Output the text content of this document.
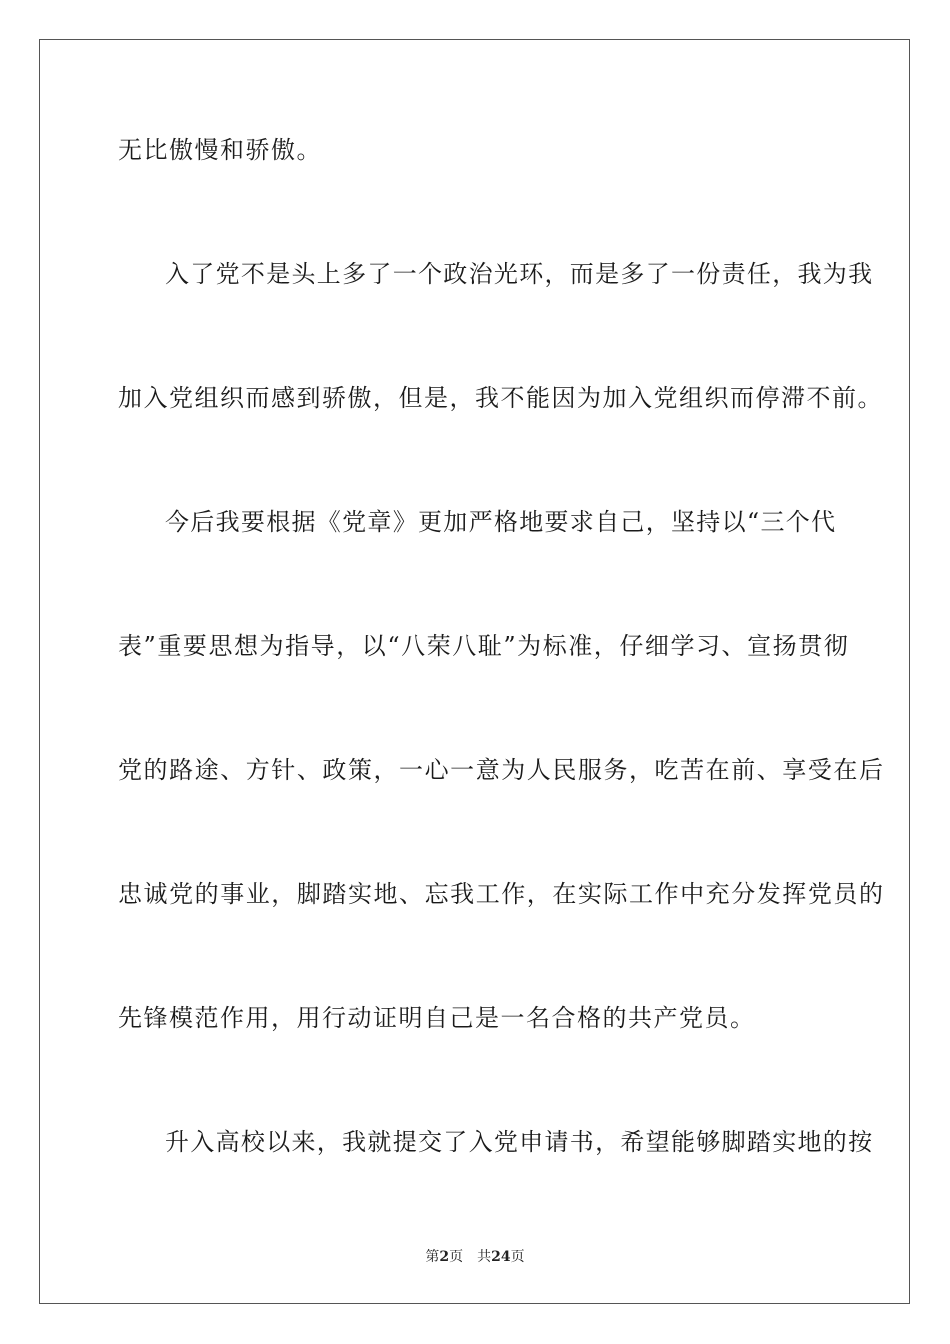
无比傲慢和骄傲。
入了党不是头上多了一个政治光环，而是多了一份责任，我为我
加入党组织而感到骄傲，但是，我不能因为加入党组织而停滞不前。
今后我要根据《党章》更加严格地要求自己，坚持以“三个代
表”重要思想为指导，以“八荣八耻”为标准，仔细学习、宣扬贯彻
党的路途、方针、政策，一心一意为人民服务，吃苦在前、享受在后
忠诚党的事业，脚踏实地、忘我工作，在实际工作中充分发挥党员的
先锋模范作用，用行动证明自己是一名合格的共产党员。
升入高校以来，我就提交了入党申请书，希望能够脚踏实地的按
第2页 共24页
